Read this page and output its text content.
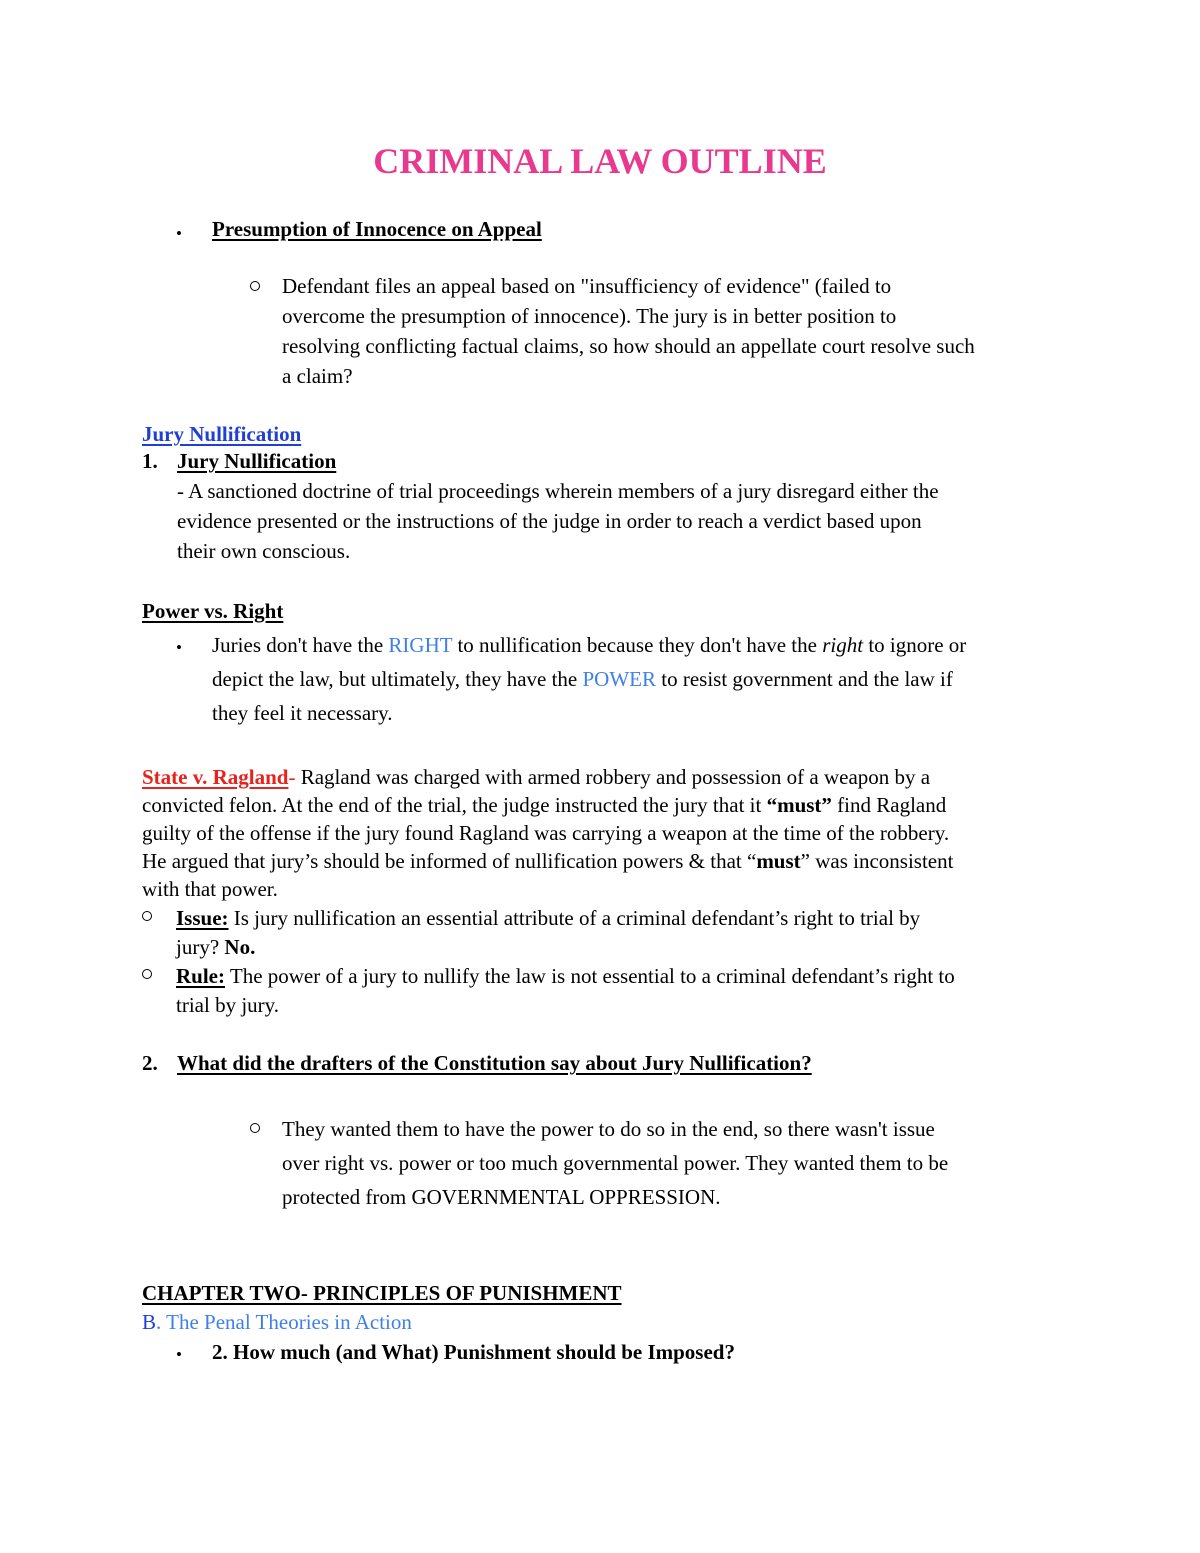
CRIMINAL LAW OUTLINE
• Presumption of Innocence on Appeal

Defendant files an appeal based on "insufficiency of evidence" (failed to

overcome the presumption of innocence). The jury is in better position to

resolving conflicting factual claims, so how should an appellate court resolve such

a claim?

Jury Nullification
1. Jury Nullification

- A sanctioned doctrine of trial proceedings wherein members of a jury disregard either the

evidence presented or the instructions of the judge in order to reach a verdict based upon

their own conscious.

Power vs. Right
• Juries don't have the RIGHT to nullification because they don't have the right to ignore or

depict the law, but ultimately, they have the POWER to resist government and the law if

they feel it necessary.

State v. Ragland- Ragland was charged with armed robbery and possession of a weapon by a

convicted felon. At the end of the trial, the judge instructed the jury that it “must” find Ragland

guilty of the offense if the jury found Ragland was carrying a weapon at the time of the robbery.

He argued that jury’s should be informed of nullification powers & that “must” was inconsistent

with that power.

Issue: Is jury nullification an essential attribute of a criminal defendant’s right to trial by

jury? No.

Rule: The power of a jury to nullify the law is not essential to a criminal defendant’s right to

trial by jury.

2. What did the drafters of the Constitution say about Jury Nullification?

They wanted them to have the power to do so in the end, so there wasn't issue

over right vs. power or too much governmental power. They wanted them to be

protected from GOVERNMENTAL OPPRESSION.

CHAPTER TWO- PRINCIPLES OF PUNISHMENT
B. The Penal Theories in Action
• 2. How much (and What) Punishment should be Imposed?
